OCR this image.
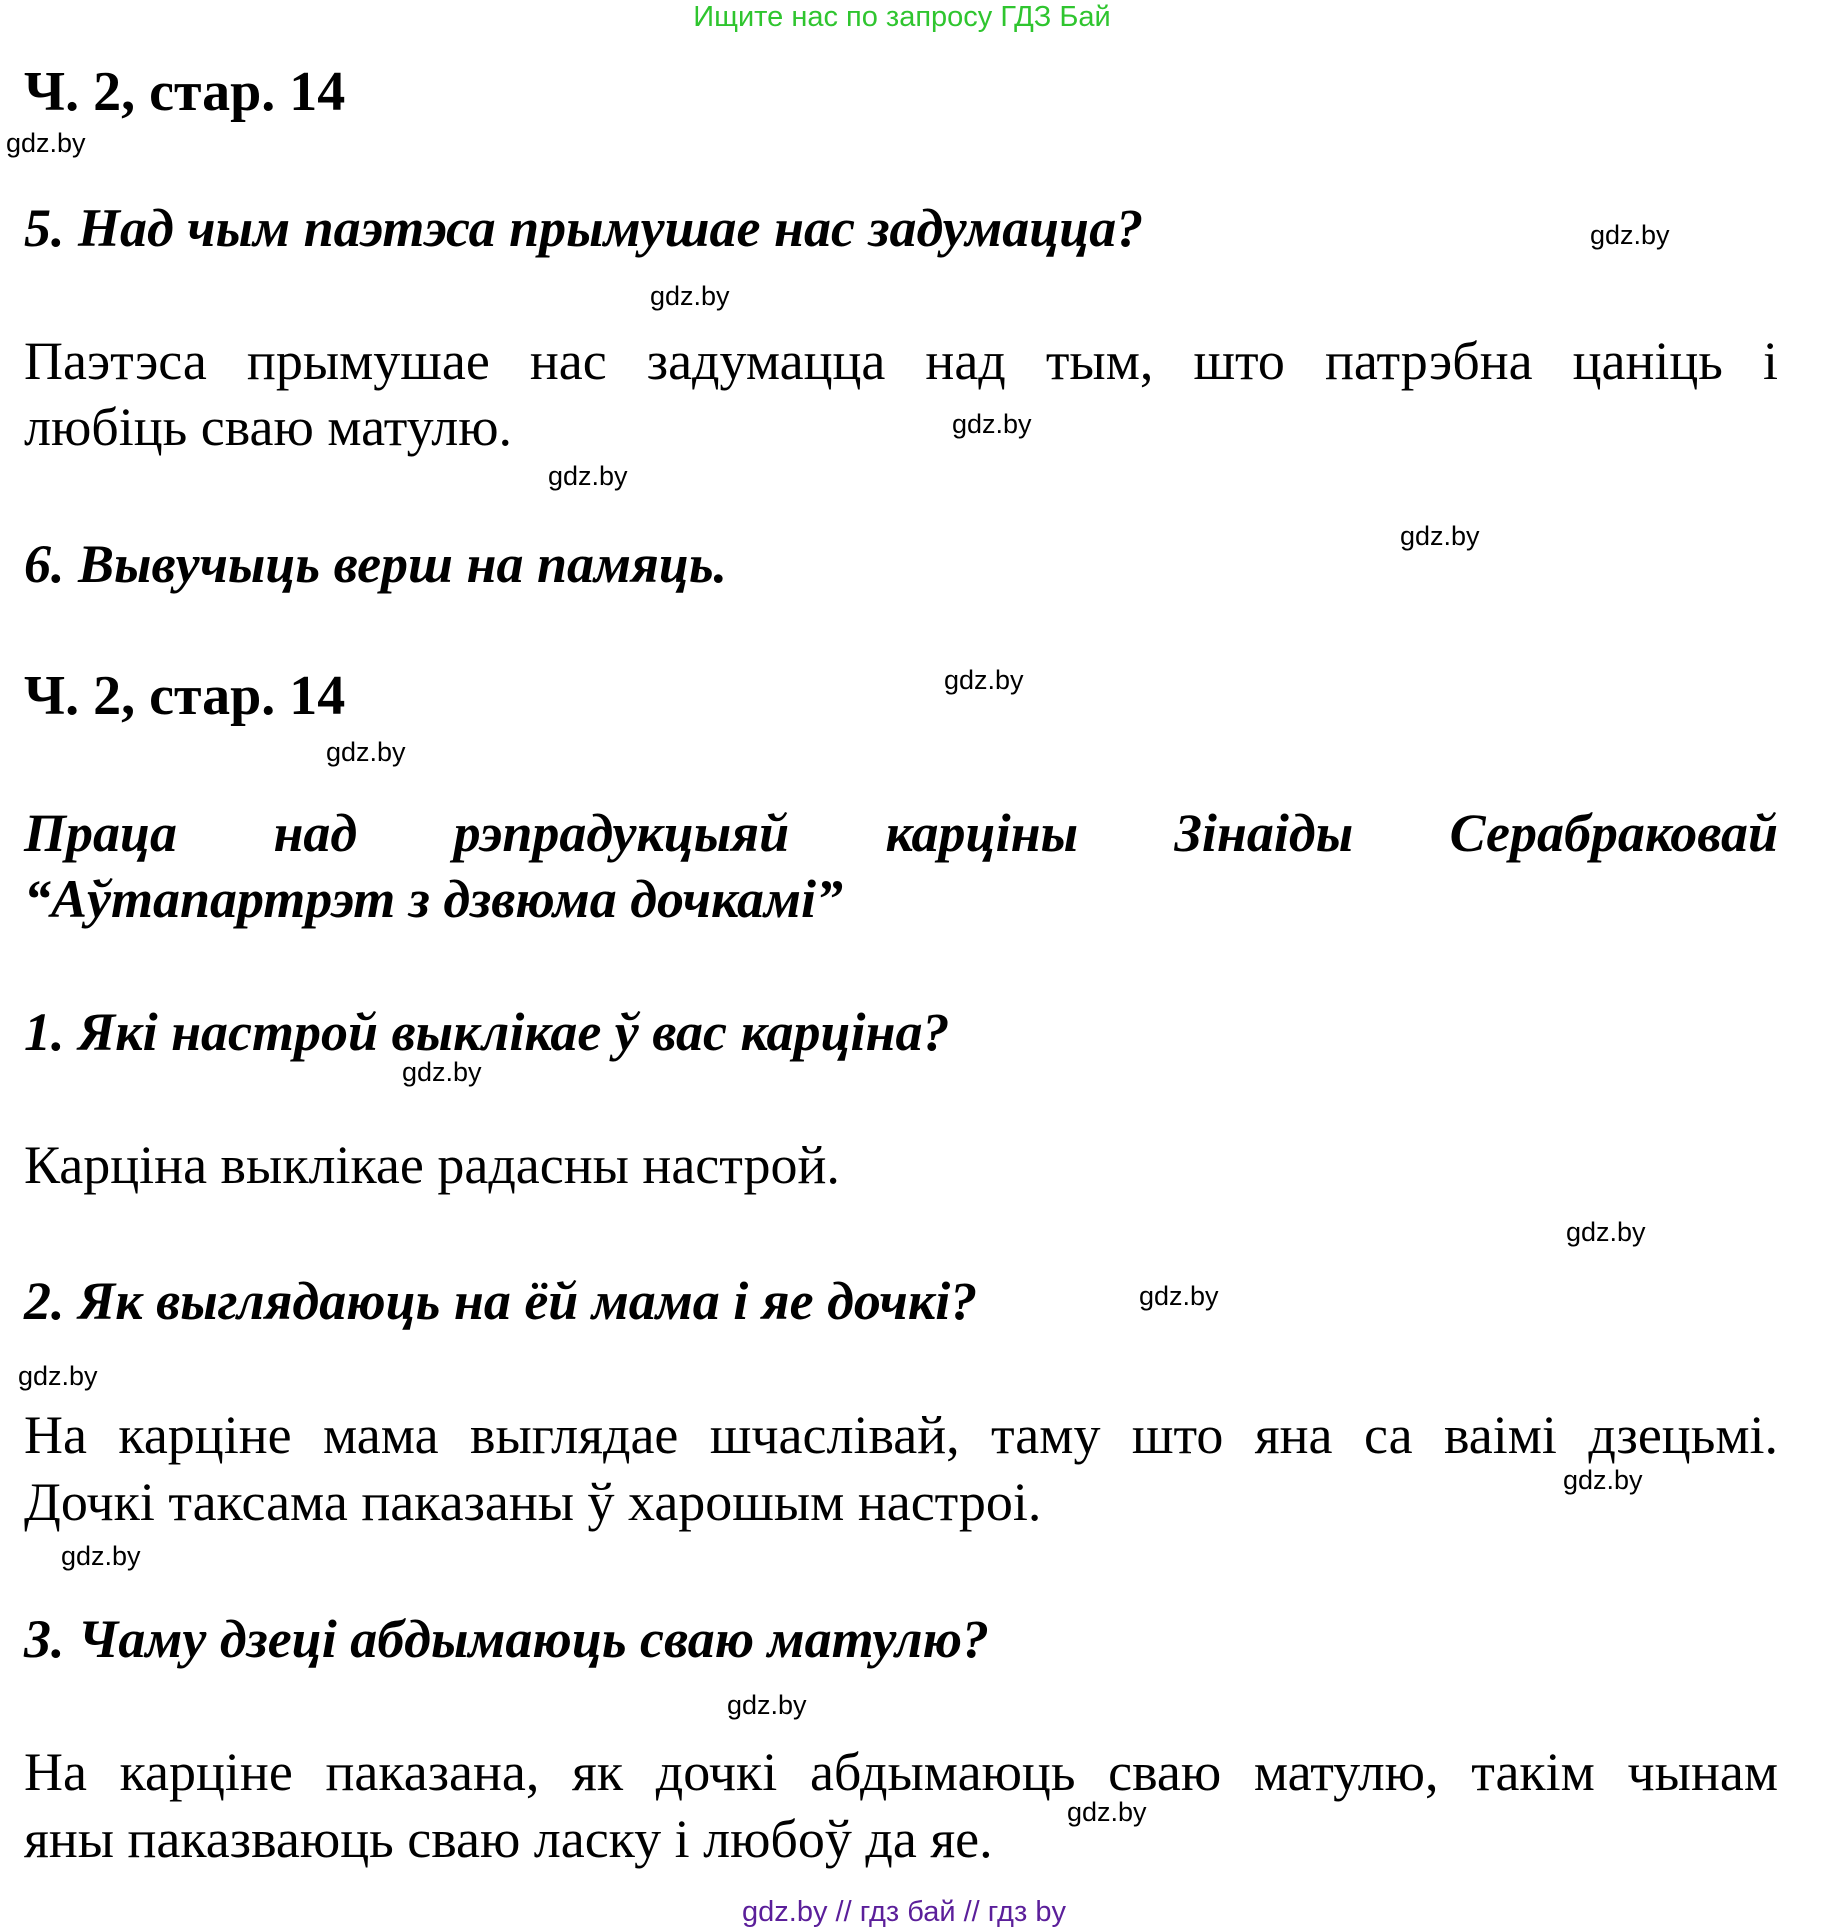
Ищите нас по запросу ГДЗ Бай
Ч. 2, стар. 14
5. Над чым паэтэса прымушае нас задумацца?
Паэтэса прымушае нас задумацца над тым, што патрэбна цаніць і
любіць сваю матулю.
6. Вывучыць верш на памяць.
Ч. 2, стар. 14
Праца над рэпрадукцыяй карціны Зінаіды Серабраковай
“Аўтапартрэт з дзвюма дочкамі”
1. Які настрой выклікае ў вас карціна?
Карціна выклікае радасны настрой.
2. Як выглядаюць на ёй мама і яе дочкі?
На карціне мама выглядае шчаслівай, таму што яна са ваімі дзецьмі.
Дочкі таксама паказаны ў харошым настроі.
3. Чаму дзеці абдымаюць сваю матулю?
На карціне паказана, як дочкі абдымаюць сваю матулю, такім чынам
яны паказваюць сваю ласку і любоў да яе.
gdz.by
gdz.by
gdz.by
gdz.by
gdz.by
gdz.by
gdz.by
gdz.by
gdz.by
gdz.by
gdz.by
gdz.by
gdz.by
gdz.by
gdz.by
gdz.by
gdz.by // гдз бай // гдз by
